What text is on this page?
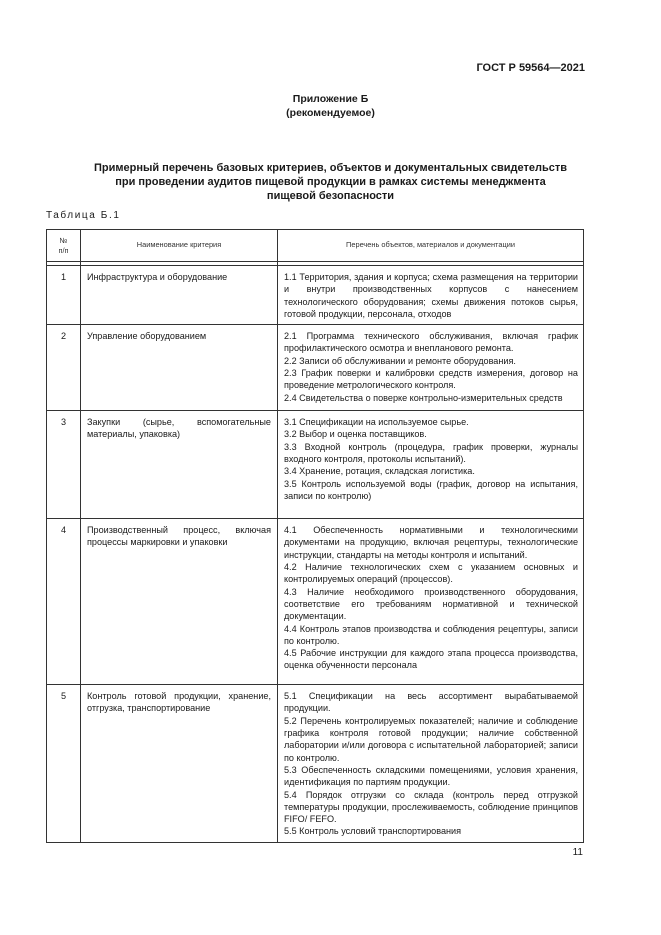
ГОСТ Р 59564—2021
Приложение Б
(рекомендуемое)
Примерный перечень базовых критериев, объектов и документальных свидетельств
при проведении аудитов пищевой продукции в рамках системы менеджмента
пищевой безопасности
Таблица Б.1
№
п/п	Наименование критерия	Перечень объектов, материалов и документации

1	Инфраструктура и оборудование	1.1 Территория, здания и корпуса; схема размещения на территории и внутри производственных корпусов с нанесением технологического оборудования; схемы движения потоков сырья, готовой продукции, персонала, отходов

2	Управление оборудованием	2.1 Программа технического обслуживания, включая график профилактического осмотра и внепланового ремонта.
2.2 Записи об обслуживании и ремонте оборудования.
2.3 График поверки и калибровки средств измерения, договор на проведение метрологического контроля.
2.4 Свидетельства о поверке контрольно-измерительных средств

3	Закупки (сырье, вспомогательные материалы, упаковка)	3.1 Спецификации на используемое сырье.
3.2 Выбор и оценка поставщиков.
3.3 Входной контроль (процедура, график проверки, журналы входного контроля, протоколы испытаний).
3.4 Хранение, ротация, складская логистика.
3.5 Контроль используемой воды (график, договор на испытания, записи по контролю)

4	Производственный процесс, включая процессы маркировки и упаковки	4.1 Обеспеченность нормативными и технологическими документами на продукцию, включая рецептуры, технологические инструкции, стандарты на методы контроля и испытаний.
4.2 Наличие технологических схем с указанием основных и контролируемых операций (процессов).
4.3 Наличие необходимого производственного оборудования, соответствие его требованиям нормативной и технической документации.
4.4 Контроль этапов производства и соблюдения рецептуры, записи по контролю.
4.5 Рабочие инструкции для каждого этапа процесса производства, оценка обученности персонала

5	Контроль готовой продукции, хранение, отгрузка, транспортирование	5.1 Спецификации на весь ассортимент вырабатываемой продукции.
5.2 Перечень контролируемых показателей; наличие и соблюдение графика контроля готовой продукции; наличие собственной лаборатории и/или договора с испытательной лабораторией; записи по контролю.
5.3 Обеспеченность складскими помещениями, условия хранения, идентификация по партиям продукции.
5.4 Порядок отгрузки со склада (контроль перед отгрузкой температуры продукции, прослеживаемость, соблюдение принципов FIFO/ FEFO.
5.5 Контроль условий транспортирования
11
